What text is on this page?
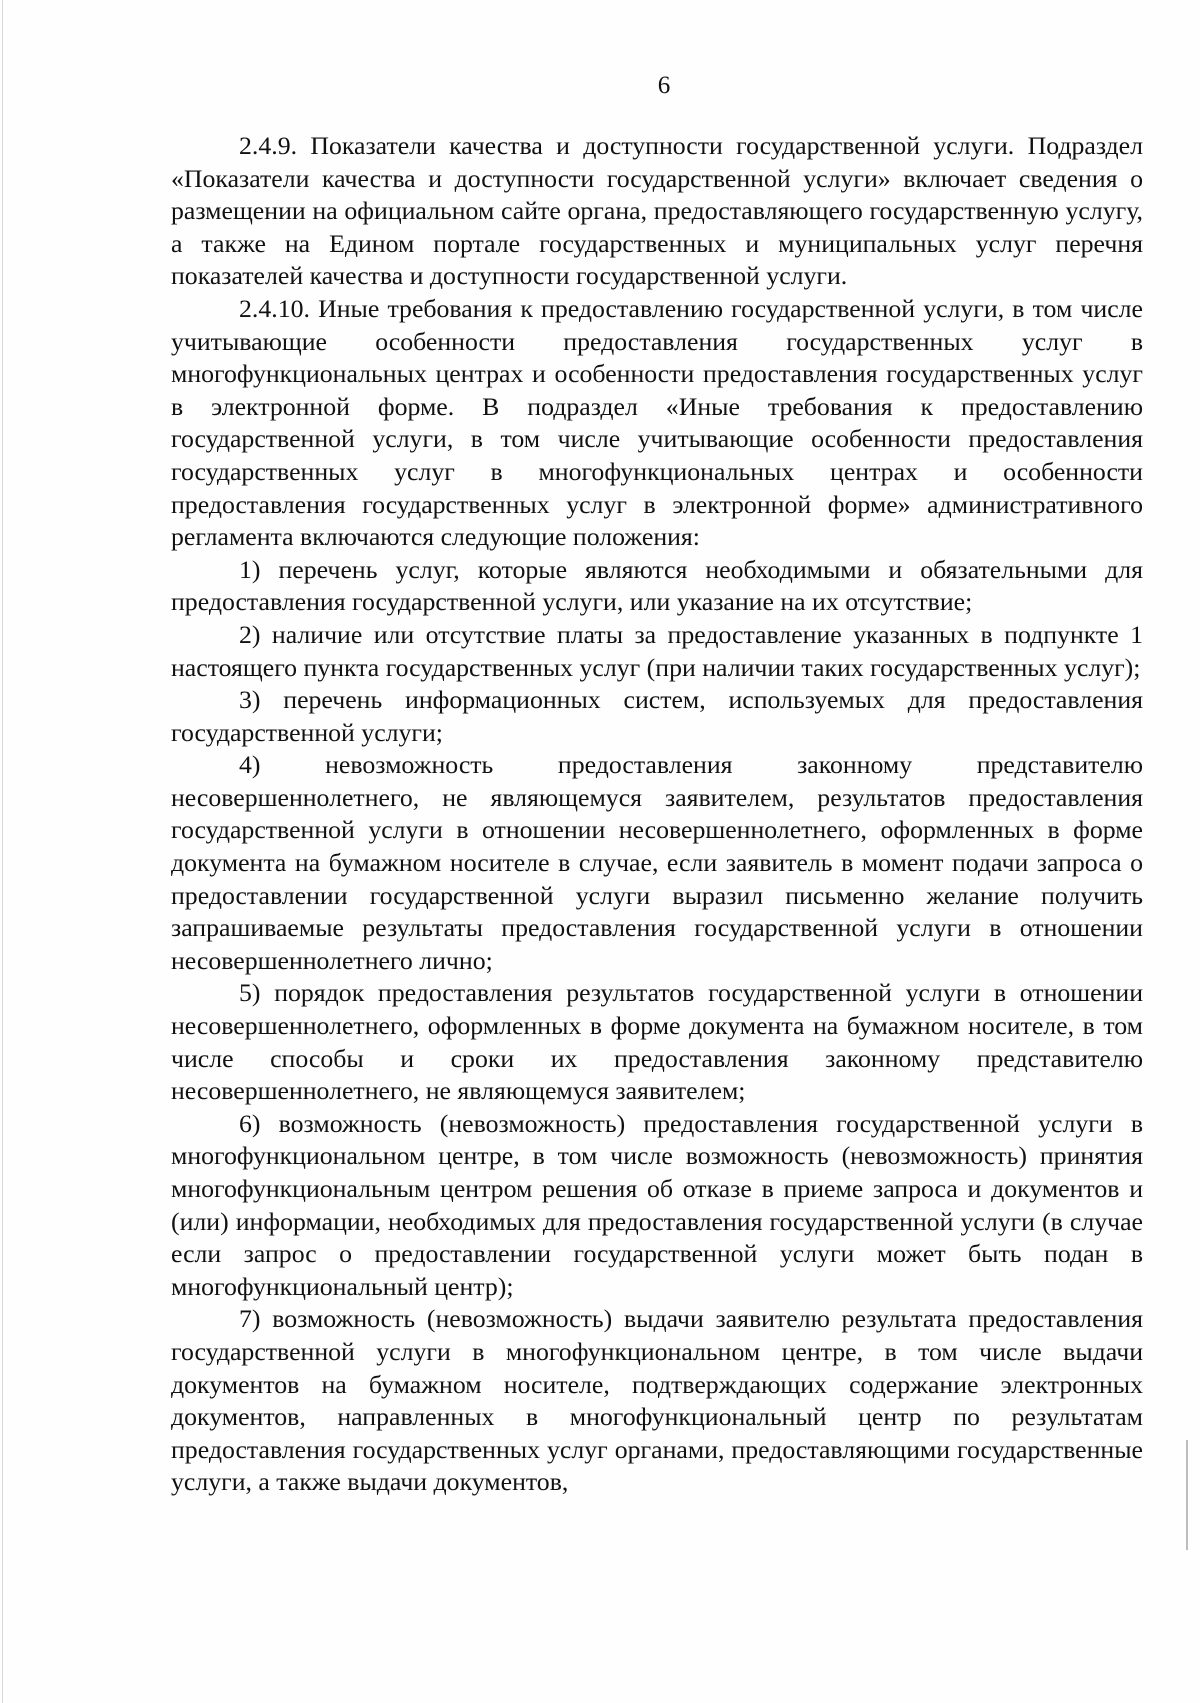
6

2.4.9. Показатели качества и доступности государственной услуги. Подраздел «Показатели качества и доступности государственной услуги» включает сведения о размещении на официальном сайте органа, предоставляющего государственную услугу, а также на Едином портале государственных и муниципальных услуг перечня показателей качества и доступности государственной услуги.

2.4.10. Иные требования к предоставлению государственной услуги, в том числе учитывающие особенности предоставления государственных услуг в многофункциональных центрах и особенности предоставления государственных услуг в электронной форме. В подраздел «Иные требования к предоставлению государственной услуги, в том числе учитывающие особенности предоставления государственных услуг в многофункциональных центрах и особенности предоставления государственных услуг в электронной форме» административного регламента включаются следующие положения:

1) перечень услуг, которые являются необходимыми и обязательными для предоставления государственной услуги, или указание на их отсутствие;

2) наличие или отсутствие платы за предоставление указанных в подпункте 1 настоящего пункта государственных услуг (при наличии таких государственных услуг);

3) перечень информационных систем, используемых для предоставления государственной услуги;

4) невозможность предоставления законному представителю несовершеннолетнего, не являющемуся заявителем, результатов предоставления государственной услуги в отношении несовершеннолетнего, оформленных в форме документа на бумажном носителе в случае, если заявитель в момент подачи запроса о предоставлении государственной услуги выразил письменно желание получить запрашиваемые результаты предоставления государственной услуги в отношении несовершеннолетнего лично;

5) порядок предоставления результатов государственной услуги в отношении несовершеннолетнего, оформленных в форме документа на бумажном носителе, в том числе способы и сроки их предоставления законному представителю несовершеннолетнего, не являющемуся заявителем;

6) возможность (невозможность) предоставления государственной услуги в многофункциональном центре, в том числе возможность (невозможность) принятия многофункциональным центром решения об отказе в приеме запроса и документов и (или) информации, необходимых для предоставления государственной услуги (в случае если запрос о предоставлении государственной услуги может быть подан в многофункциональный центр);

7) возможность (невозможность) выдачи заявителю результата предоставления государственной услуги в многофункциональном центре, в том числе выдачи документов на бумажном носителе, подтверждающих содержание электронных документов, направленных в многофункциональный центр по результатам предоставления государственных услуг органами, предоставляющими государственные услуги, а также выдачи документов,
